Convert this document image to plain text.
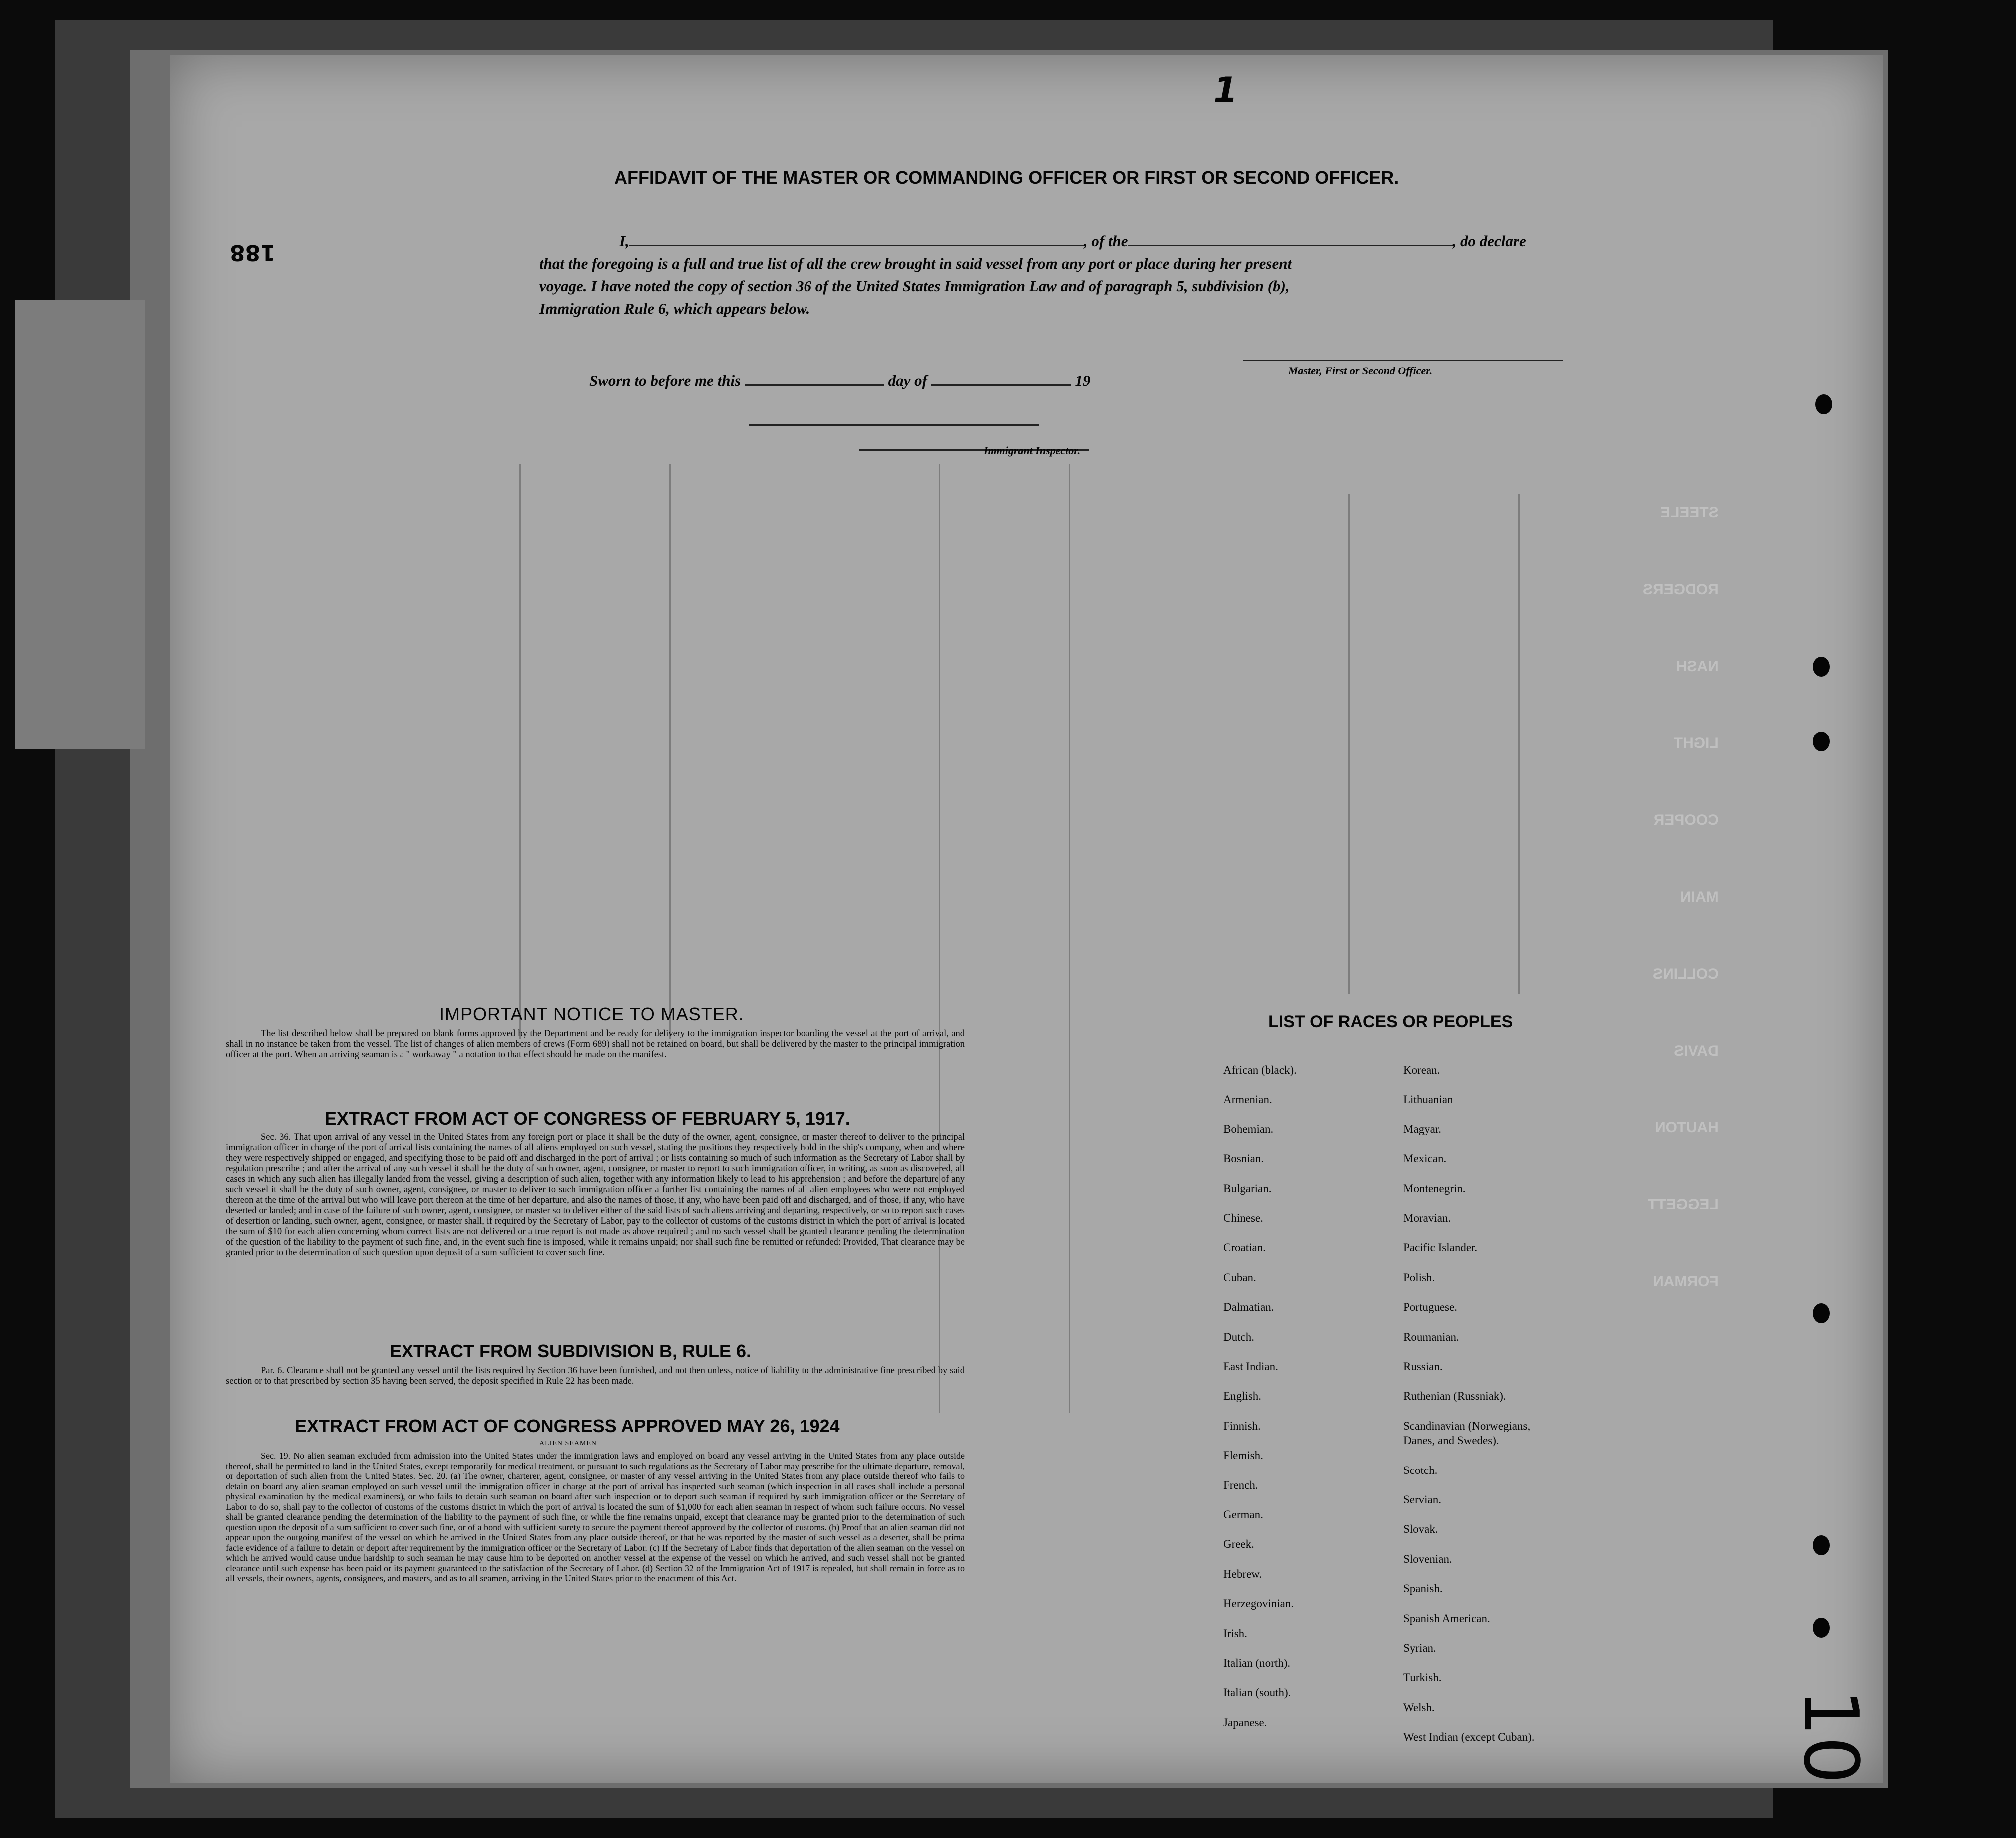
STEELE
RODGERS
NASH
LIGHT
COOPER
MAIN
COLLINS
DAVIS
HAUTON
LEGGETT
FORMAN
1
188
10
AFFIDAVIT OF THE MASTER OR COMMANDING OFFICER OR FIRST OR SECOND OFFICER.
I,	, of the	, do declare
that the foregoing is a full and true list of all the crew brought in said vessel from any port or place during her present
voyage. I have noted the copy of section 36 of the United States Immigration Law and of paragraph 5, subdivision (b),
Immigration Rule 6, which appears below.
Master, First or Second Officer.
Sworn to before me this	day of	19
Immigrant Inspector.
IMPORTANT NOTICE TO MASTER.
The list described below shall be prepared on blank forms approved by the Department and be ready for delivery to the immigration inspector boarding the vessel at the port of arrival, and shall in no instance be taken from the vessel. The list of changes of alien members of crews (Form 689) shall not be retained on board, but shall be delivered by the master to the principal immigration officer at the port. When an arriving seaman is a " workaway " a notation to that effect should be made on the manifest.
EXTRACT FROM ACT OF CONGRESS OF FEBRUARY 5, 1917.
Sec. 36. That upon arrival of any vessel in the United States from any foreign port or place it shall be the duty of the owner, agent, consignee, or master thereof to deliver to the principal immigration officer in charge of the port of arrival lists containing the names of all aliens employed on such vessel, stating the positions they respectively hold in the ship's company, when and where they were respectively shipped or engaged, and specifying those to be paid off and discharged in the port of arrival ; or lists containing so much of such information as the Secretary of Labor shall by regulation prescribe ; and after the arrival of any such vessel it shall be the duty of such owner, agent, consignee, or master to report to such immigration officer, in writing, as soon as discovered, all cases in which any such alien has illegally landed from the vessel, giving a description of such alien, together with any information likely to lead to his apprehension ; and before the departure of any such vessel it shall be the duty of such owner, agent, consignee, or master to deliver to such immigration officer a further list containing the names of all alien employees who were not employed thereon at the time of the arrival but who will leave port thereon at the time of her departure, and also the names of those, if any, who have been paid off and discharged, and of those, if any, who have deserted or landed; and in case of the failure of such owner, agent, consignee, or master so to deliver either of the said lists of such aliens arriving and departing, respectively, or so to report such cases of desertion or landing, such owner, agent, consignee, or master shall, if required by the Secretary of Labor, pay to the collector of customs of the customs district in which the port of arrival is located the sum of $10 for each alien concerning whom correct lists are not delivered or a true report is not made as above required ; and no such vessel shall be granted clearance pending the determination of the question of the liability to the payment of such fine, and, in the event such fine is imposed, while it remains unpaid; nor shall such fine be remitted or refunded: Provided, That clearance may be granted prior to the determination of such question upon deposit of a sum sufficient to cover such fine.
EXTRACT FROM SUBDIVISION B, RULE 6.
Par. 6. Clearance shall not be granted any vessel until the lists required by Section 36 have been furnished, and not then unless, notice of liability to the administrative fine prescribed by said section or to that prescribed by section 35 having been served, the deposit specified in Rule 22 has been made.
EXTRACT FROM ACT OF CONGRESS APPROVED MAY 26, 1924
ALIEN SEAMEN
Sec. 19. No alien seaman excluded from admission into the United States under the immigration laws and employed on board any vessel arriving in the United States from any place outside thereof, shall be permitted to land in the United States, except temporarily for medical treatment, or pursuant to such regulations as the Secretary of Labor may prescribe for the ultimate departure, removal, or deportation of such alien from the United States. Sec. 20. (a) The owner, charterer, agent, consignee, or master of any vessel arriving in the United States from any place outside thereof who fails to detain on board any alien seaman employed on such vessel until the immigration officer in charge at the port of arrival has inspected such seaman (which inspection in all cases shall include a personal physical examination by the medical examiners), or who fails to detain such seaman on board after such inspection or to deport such seaman if required by such immigration officer or the Secretary of Labor to do so, shall pay to the collector of customs of the customs district in which the port of arrival is located the sum of $1,000 for each alien seaman in respect of whom such failure occurs. No vessel shall be granted clearance pending the determination of the liability to the payment of such fine, or while the fine remains unpaid, except that clearance may be granted prior to the determination of such question upon the deposit of a sum sufficient to cover such fine, or of a bond with sufficient surety to secure the payment thereof approved by the collector of customs. (b) Proof that an alien seaman did not appear upon the outgoing manifest of the vessel on which he arrived in the United States from any place outside thereof, or that he was reported by the master of such vessel as a deserter, shall be prima facie evidence of a failure to detain or deport after requirement by the immigration officer or the Secretary of Labor. (c) If the Secretary of Labor finds that deportation of the alien seaman on the vessel on which he arrived would cause undue hardship to such seaman he may cause him to be deported on another vessel at the expense of the vessel on which he arrived, and such vessel shall not be granted clearance until such expense has been paid or its payment guaranteed to the satisfaction of the Secretary of Labor. (d) Section 32 of the Immigration Act of 1917 is repealed, but shall remain in force as to all vessels, their owners, agents, consignees, and masters, and as to all seamen, arriving in the United States prior to the enactment of this Act.
LIST OF RACES OR PEOPLES
African (black).
Armenian.
Bohemian.
Bosnian.
Bulgarian.
Chinese.
Croatian.
Cuban.
Dalmatian.
Dutch.
East Indian.
English.
Finnish.
Flemish.
French.
German.
Greek.
Hebrew.
Herzegovinian.
Irish.
Italian (north).
Italian (south).
Japanese.
Korean.
Lithuanian
Magyar.
Mexican.
Montenegrin.
Moravian.
Pacific Islander.
Polish.
Portuguese.
Roumanian.
Russian.
Ruthenian (Russniak).
Scandinavian (Norwegians,
Danes, and Swedes).
Scotch.
Servian.
Slovak.
Slovenian.
Spanish.
Spanish American.
Syrian.
Turkish.
Welsh.
West Indian (except Cuban).
